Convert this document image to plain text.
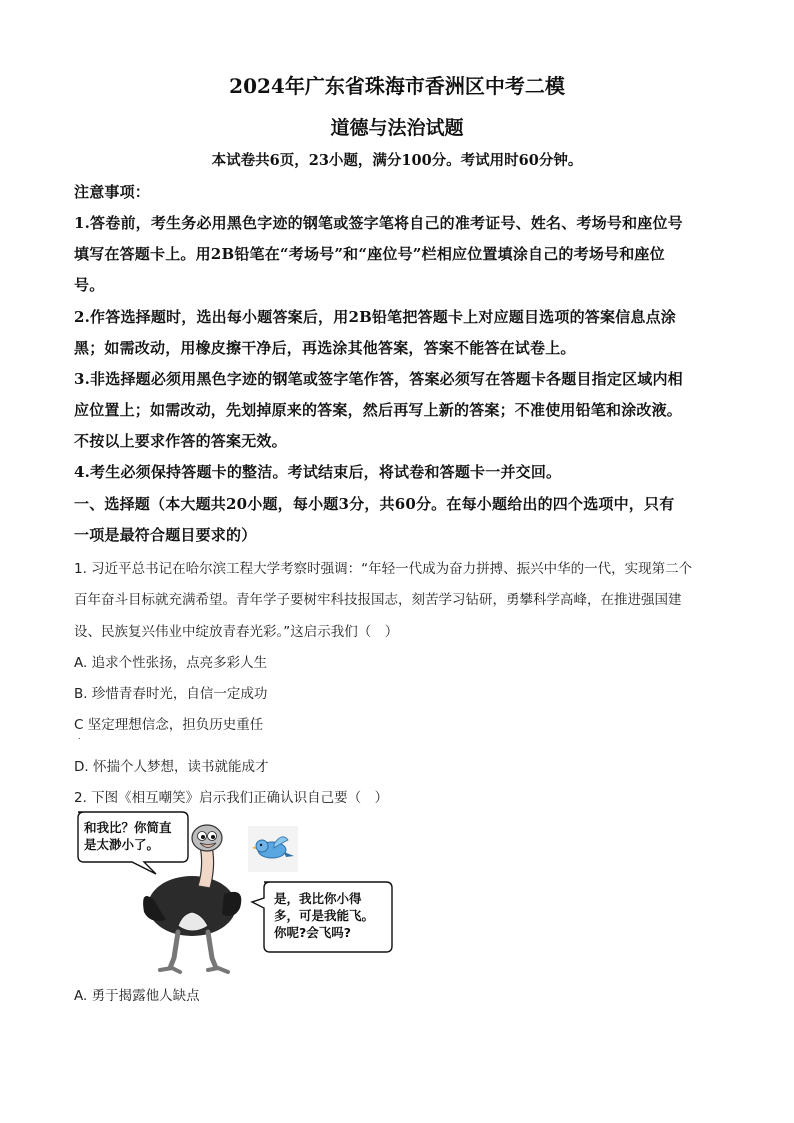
2024年广东省珠海市香洲区中考二模
道德与法治试题
本试卷共6页，23小题，满分100分。考试用时60分钟。
注意事项：
1.答卷前，考生务必用黑色字迹的钢笔或签字笔将自己的准考证号、姓名、考场号和座位号
填写在答题卡上。用2B铅笔在“考场号”和“座位号”栏相应位置填涂自己的考场号和座位
号。
2.作答选择题时，选出每小题答案后，用2B铅笔把答题卡上对应题目选项的答案信息点涂
黑；如需改动，用橡皮擦干净后，再选涂其他答案，答案不能答在试卷上。
3.非选择题必须用黑色字迹的钢笔或签字笔作答，答案必须写在答题卡各题目指定区域内相
应位置上；如需改动，先划掉原来的答案，然后再写上新的答案；不准使用铅笔和涂改液。
不按以上要求作答的答案无效。
4.考生必须保持答题卡的整洁。考试结束后，将试卷和答题卡一并交回。
一、选择题（本大题共20小题，每小题3分，共60分。在每小题给出的四个选项中，只有
一项是最符合题目要求的）
1. 习近平总书记在哈尔滨工程大学考察时强调：“年轻一代成为奋力拼搏、振兴中华的一代，实现第二个
百年奋斗目标就充满希望。青年学子要树牢科技报国志，刻苦学习钻研，勇攀科学高峰，在推进强国建
设、民族复兴伟业中绽放青春光彩。”这启示我们（　）
A. 追求个性张扬，点亮多彩人生
B. 珍惜青春时光，自信一定成功
C 坚定理想信念，担负历史重任
.
D. 怀揣个人梦想，读书就能成才
2. 下图《相互嘲笑》启示我们正确认识自己要（　）
和我比？你简直
是太渺小了。
是，我比你小得
多，可是我能飞。
你呢?会飞吗?
A. 勇于揭露他人缺点
